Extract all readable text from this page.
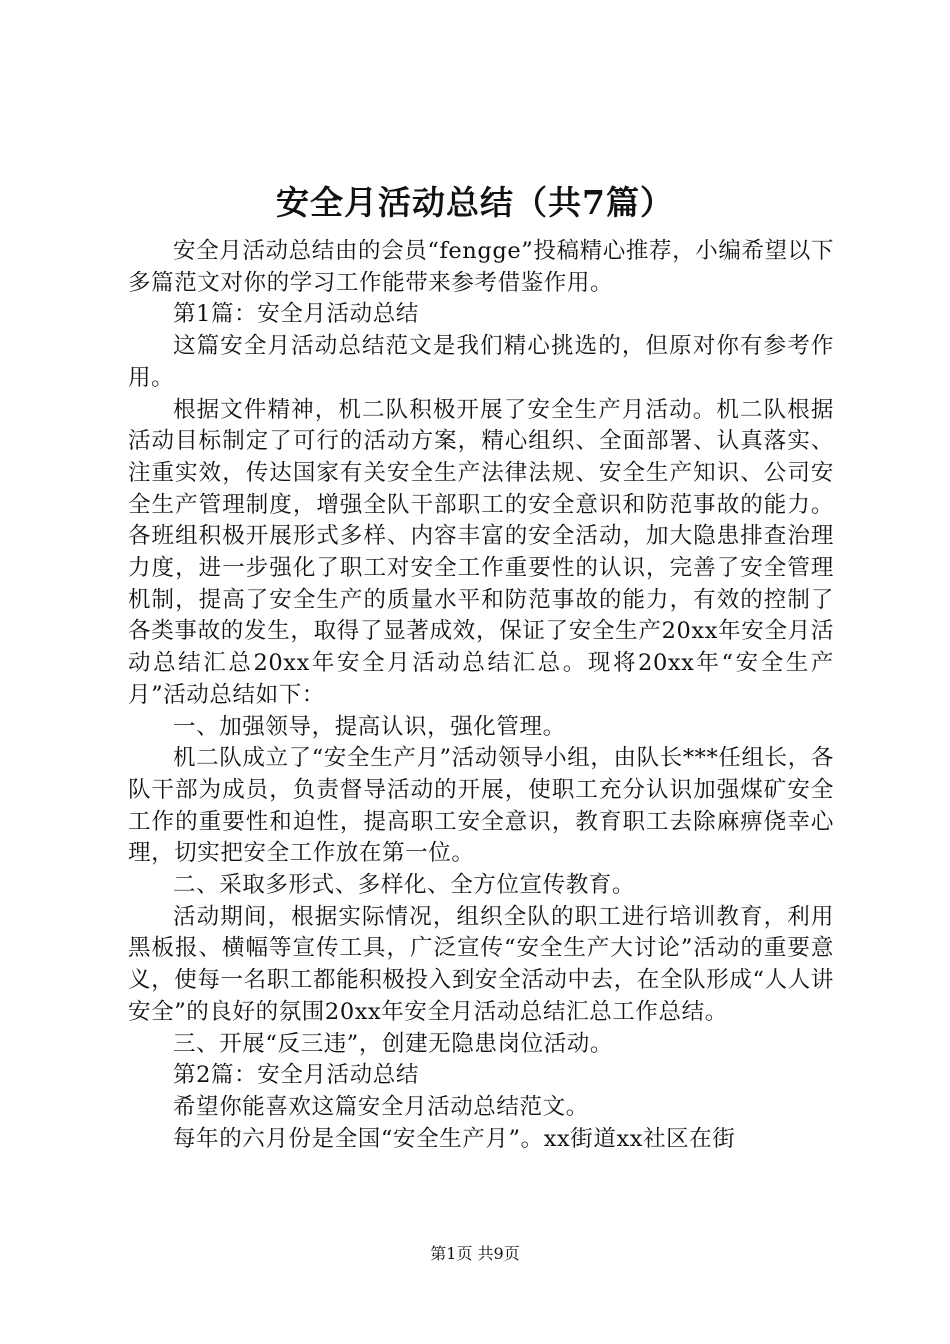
安全月活动总结（共7篇）

安全月活动总结由的会员“fengge”投稿精心推荐，小编希望以下多篇范文对你的学习工作能带来参考借鉴作用。

第1篇：安全月活动总结

这篇安全月活动总结范文是我们精心挑选的，但原对你有参考作用。

根据文件精神，机二队积极开展了安全生产月活动。机二队根据活动目标制定了可行的活动方案，精心组织、全面部署、认真落实、注重实效，传达国家有关安全生产法律法规、安全生产知识、公司安全生产管理制度，增强全队干部职工的安全意识和防范事故的能力。各班组积极开展形式多样、内容丰富的安全活动，加大隐患排查治理力度，进一步强化了职工对安全工作重要性的认识，完善了安全管理机制，提高了安全生产的质量水平和防范事故的能力，有效的控制了各类事故的发生，取得了显著成效，保证了安全生产20xx年安全月活动总结汇总20xx年安全月活动总结汇总。现将20xx年“安全生产月”活动总结如下：

一、加强领导，提高认识，强化管理。

机二队成立了“安全生产月”活动领导小组，由队长***任组长，各队干部为成员，负责督导活动的开展，使职工充分认识加强煤矿安全工作的重要性和迫性，提高职工安全意识，教育职工去除麻痹侥幸心理，切实把安全工作放在第一位。

二、采取多形式、多样化、全方位宣传教育。

活动期间，根据实际情况，组织全队的职工进行培训教育，利用黑板报、横幅等宣传工具，广泛宣传“安全生产大讨论”活动的重要意义，使每一名职工都能积极投入到安全活动中去，在全队形成“人人讲安全”的良好的氛围20xx年安全月活动总结汇总工作总结。

三、开展“反三违”，创建无隐患岗位活动。

第2篇：安全月活动总结

希望你能喜欢这篇安全月活动总结范文。

每年的六月份是全国“安全生产月”。xx街道xx社区在街

第1页 共9页
